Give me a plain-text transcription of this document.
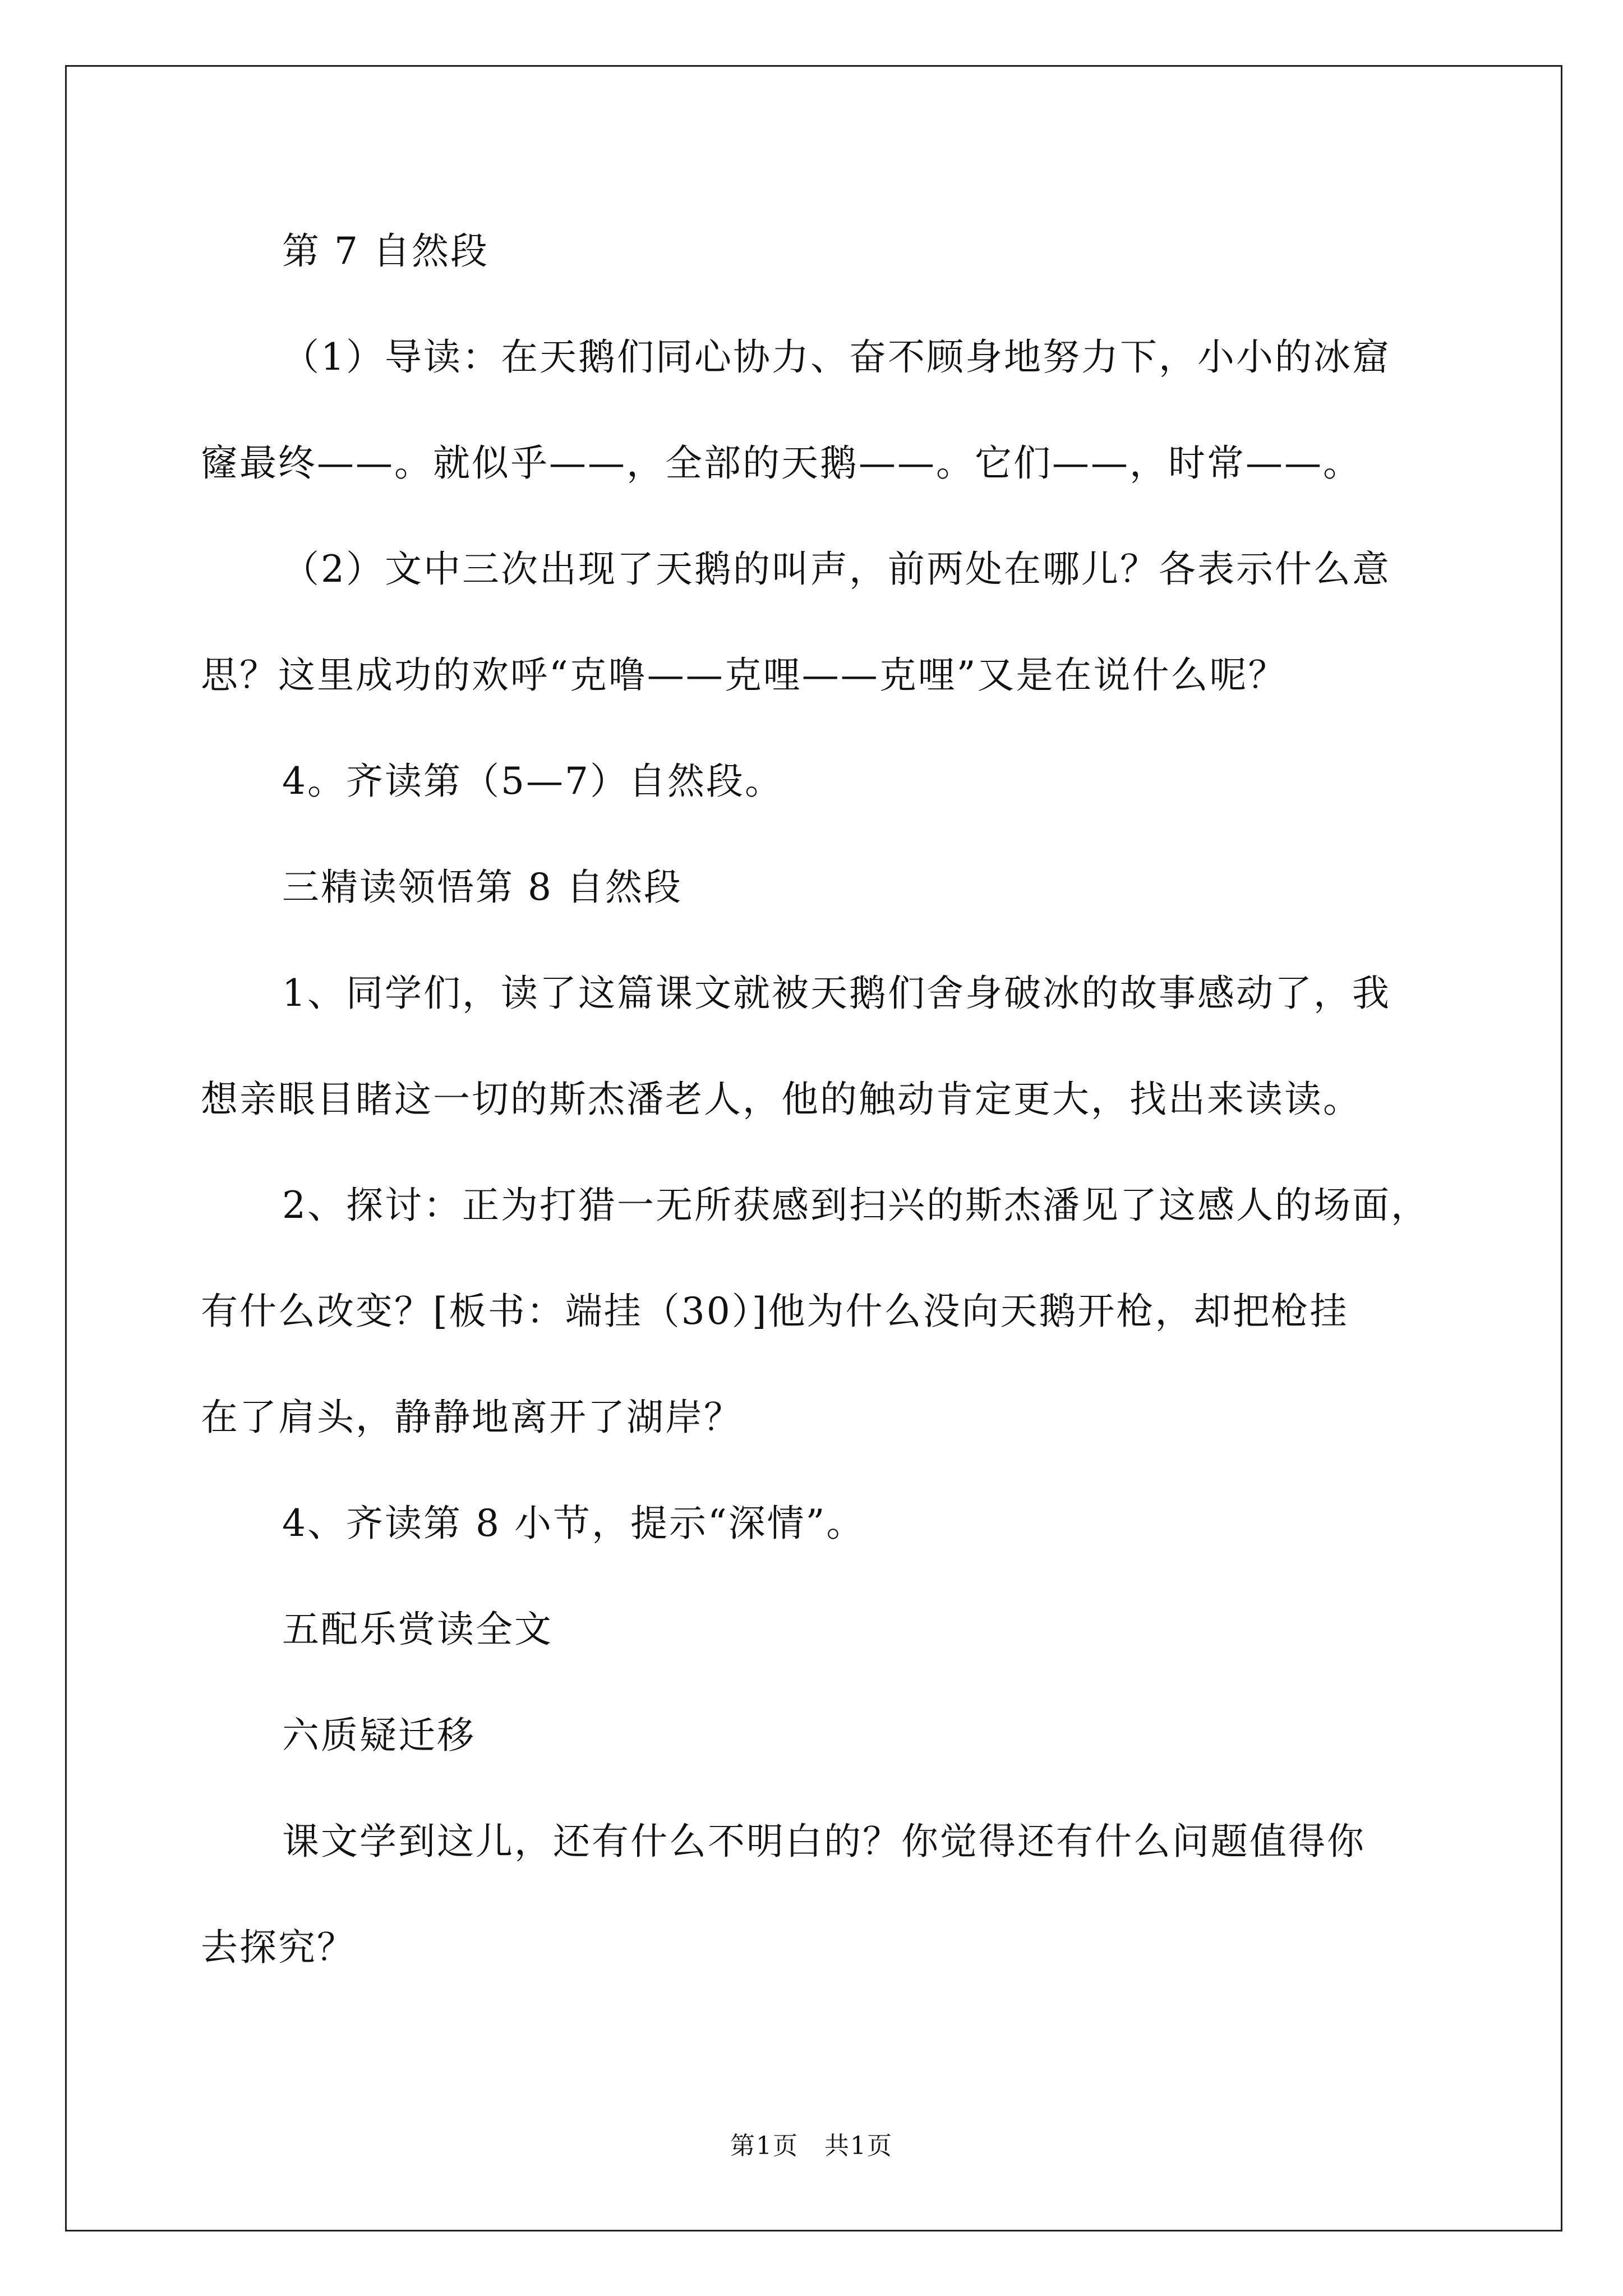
第 7 自然段
（1）导读：在天鹅们同心协力、奋不顾身地努力下，小小的冰窟
窿最终——。就似乎——，全部的天鹅——。它们——，时常——。
（2）文中三次出现了天鹅的叫声，前两处在哪儿？各表示什么意
思？这里成功的欢呼“克噜——克哩——克哩”又是在说什么呢？
4。齐读第（5—7）自然段。
三精读领悟第 8 自然段
1、同学们，读了这篇课文就被天鹅们舍身破冰的故事感动了，我
想亲眼目睹这一切的斯杰潘老人，他的触动肯定更大，找出来读读。
2、探讨：正为打猎一无所获感到扫兴的斯杰潘见了这感人的场面，
有什么改变？[板书：端挂（30）]他为什么没向天鹅开枪，却把枪挂
在了肩头，静静地离开了湖岸？
4、齐读第 8 小节，提示“深情”。
五配乐赏读全文
六质疑迁移
课文学到这儿，还有什么不明白的？你觉得还有什么问题值得你
去探究？
第1页　共1页
